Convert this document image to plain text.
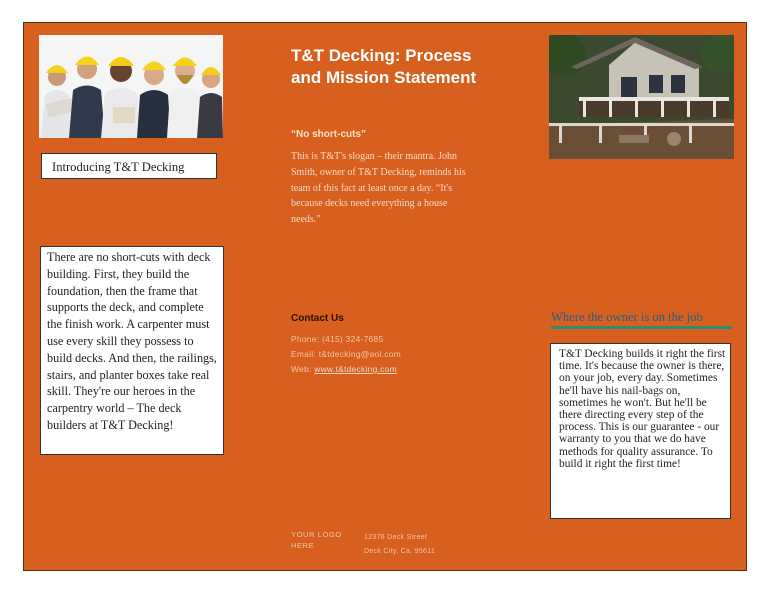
Introducing T&T Decking

There are no short-cuts with deck building. First, they build the foundation, then the frame that supports the deck, and complete the finish work. A carpenter must use every skill they possess to build decks. And then, the railings, stairs, and planter boxes take real skill. They're our heroes in the carpentry world – The deck builders at T&T Decking!

T&T Decking: Process and Mission Statement
“No short-cuts”

This is T&T's slogan – their mantra. John Smith, owner of T&T Decking, reminds his team of this fact at least once a day. “It's because decks need everything a house needs.”

Contact Us
Phone: (415) 324-7685
Email: t&tdecking@aol.com
Web: www.t&tdecking.com
YOUR LOGO HERE
12376 Deck Street
Deck City, Ca. 95611
Where the owner is on the job

T&T Decking builds it right the first time. It's because the owner is there, on your job, every day. Sometimes he'll have his nail-bags on, sometimes he won't. But he'll be there directing every step of the process. This is our guarantee - our warranty to you that we do have methods for quality assurance. To build it right the first time!
